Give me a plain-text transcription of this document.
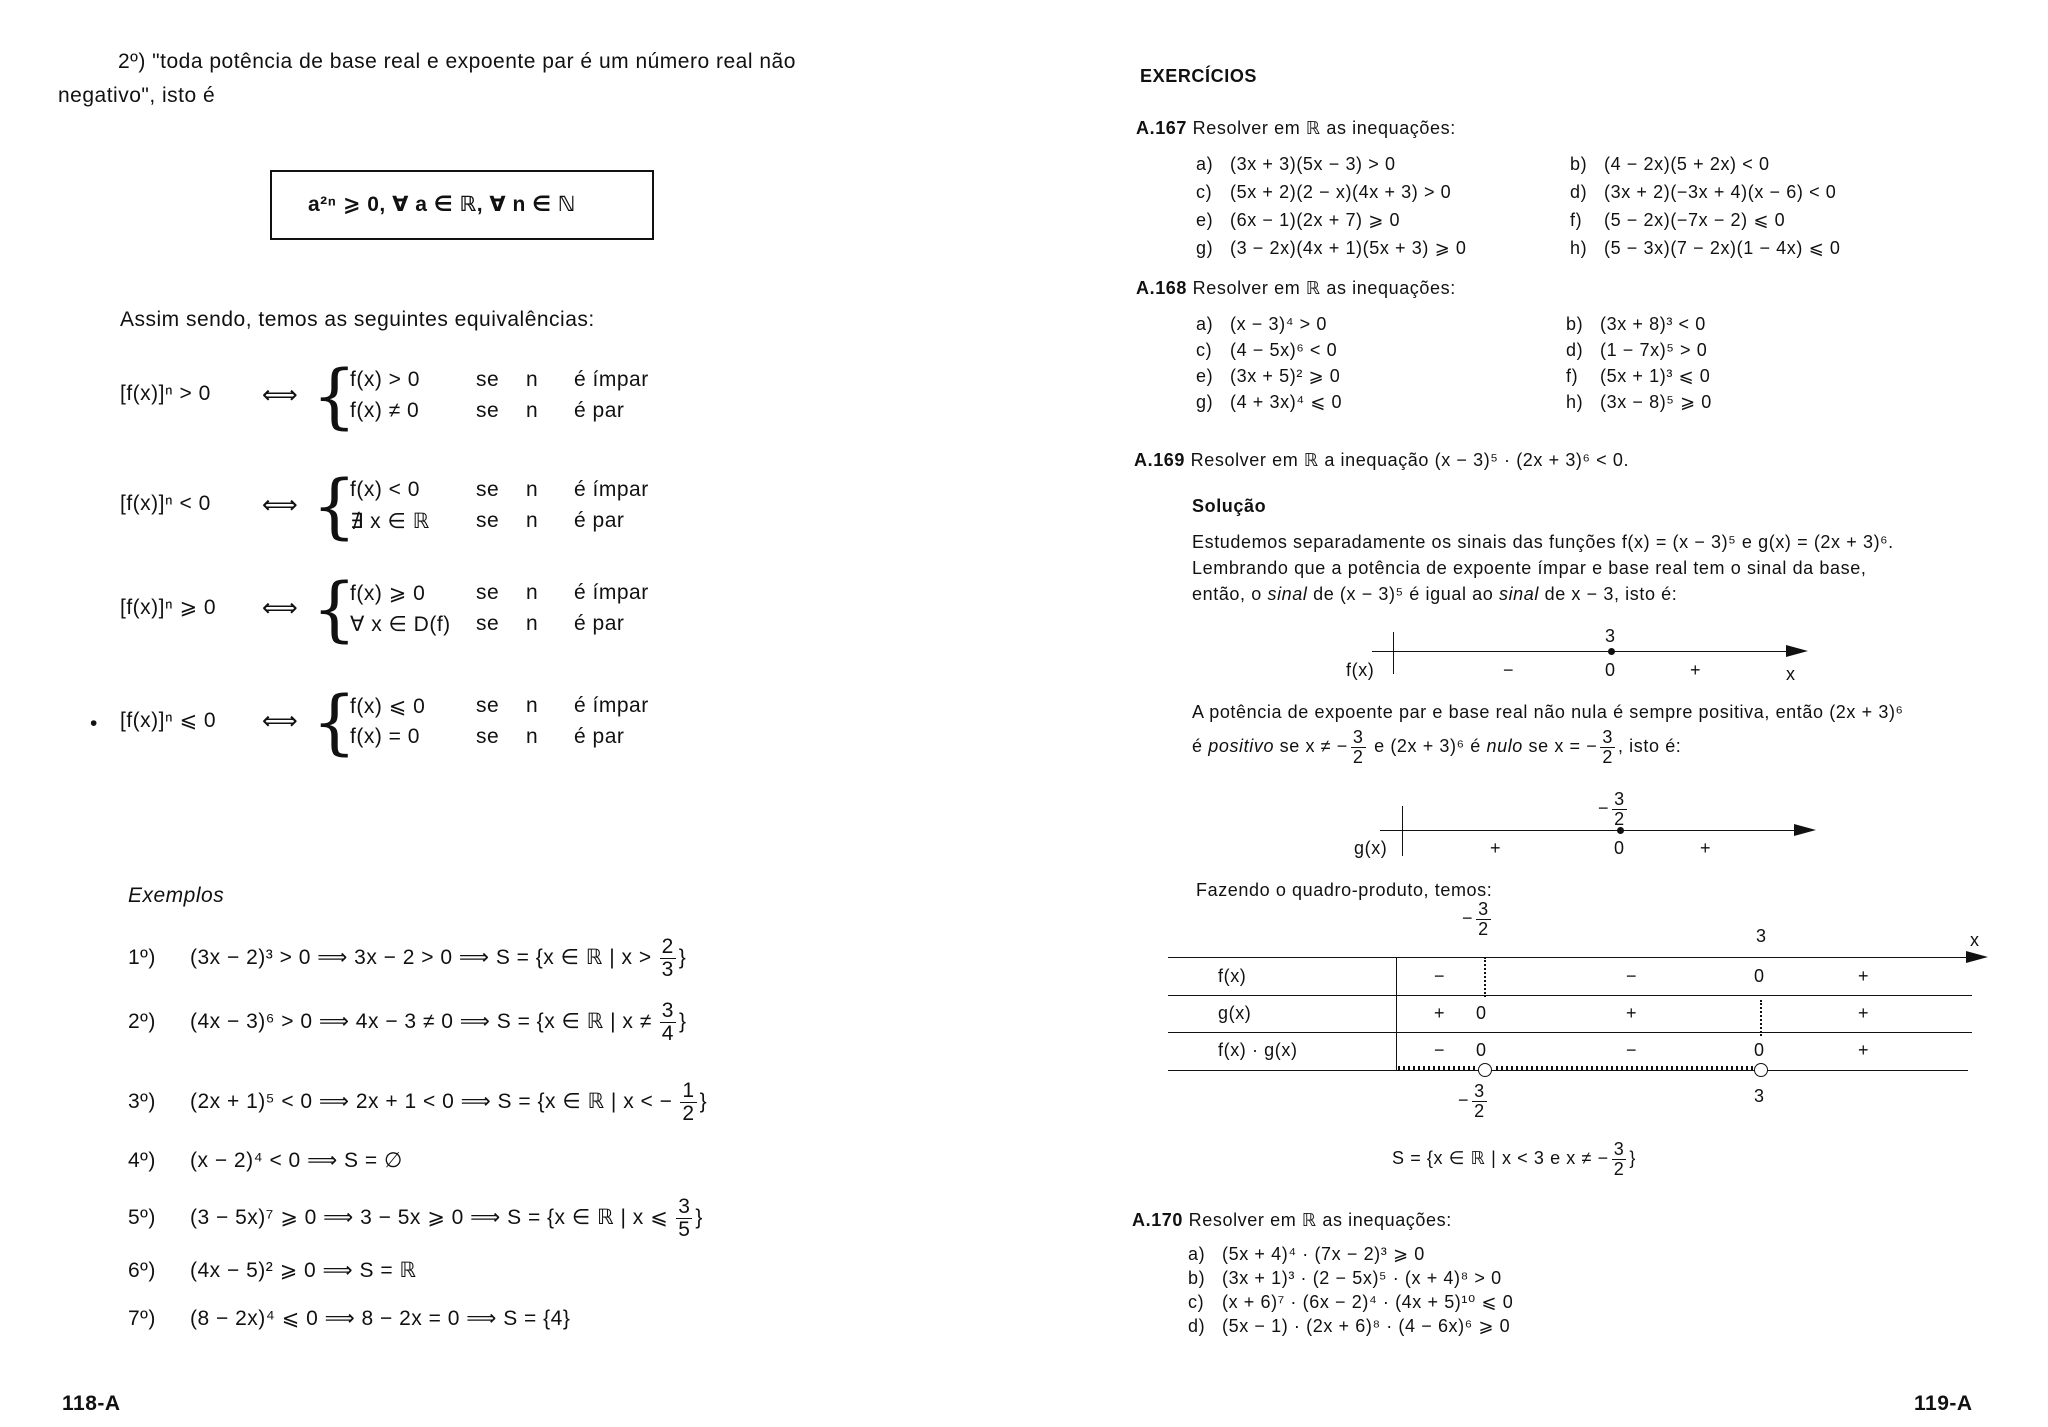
2º) "toda potência de base real e expoente par é um número real não
negativo", isto é
a²ⁿ ⩾ 0, ∀ a ∈ ℝ, ∀ n ∈ ℕ
Assim sendo, temos as seguintes equivalências:
[f(x)]ⁿ > 0 ⟺ {
f(x) > 0	se n é ímpar
f(x) ≠ 0	se n é par
[f(x)]ⁿ < 0 ⟺ {
f(x) < 0	se n é ímpar
∄ x ∈ ℝ se n é par
[f(x)]ⁿ ⩾ 0 ⟺ {
f(x) ⩾ 0 se n é ímpar
∀ x ∈ D(f) se n é par
[f(x)]ⁿ ⩽ 0 ⟺ {
f(x) ⩽ 0 se n é ímpar
f(x) = 0	se n é par
•
Exemplos
1º) (3x − 2)³ > 0 ⟹ 3x − 2 > 0 ⟹ S = {x ∈ ℝ | $x > \frac{2}{3}$ }
2º) (4x − 3)⁶ > 0 ⟹ 4x − 3 ≠ 0 ⟹ S = {x ∈ ℝ | $x \ne \frac{3}{4}$ }
3º) (2x + 1)⁵ < 0 ⟹ 2x + 1 < 0 ⟹ S = {x ∈ ℝ | x < − $\frac{1}{2}$ }
4º) (x − 2)⁴ < 0 ⟹ S = ∅
5º) (3 − 5x)⁷ ⩾ 0 ⟹ 3 − 5x ⩾ 0 ⟹ S = {x ∈ ℝ | x ⩽ $\frac{3}{5}$ }
6º) (4x − 5)² ⩾ 0 ⟹ S = ℝ
7º) (8 − 2x)⁴ ⩽ 0 ⟹ 8 − 2x = 0 ⟹ S = {4}
118-A
EXERCÍCIOS
A.167 Resolver em ℝ as inequações:
a) (3x + 3)(5x − 3) > 0	b) (4 − 2x)(5 + 2x) < 0
c) (5x + 2)(2 − x)(4x + 3) > 0	d) (3x + 2)(−3x + 4)(x − 6) < 0
e) (6x − 1)(2x + 7) ⩾ 0	f) (5 − 2x)(−7x − 2) ⩽ 0
g) (3 − 2x)(4x + 1)(5x + 3) ⩾ 0	h) (5 − 3x)(7 − 2x)(1 − 4x) ⩽ 0
A.168 Resolver em ℝ as inequações:
a) (x − 3)⁴ > 0	b) (3x + 8)³ < 0
c) (4 − 5x)⁶ < 0	d) (1 − 7x)⁵ > 0
e) (3x + 5)² ⩾ 0	f) (5x + 1)³ ⩽ 0
g) (4 + 3x)⁴ ⩽ 0	h) (3x − 8)⁵ ⩾ 0
A.169 Resolver em ℝ a inequação (x − 3)⁵ · (2x + 3)⁶ < 0.
Solução
Estudemos separadamente os sinais das funções f(x) = (x − 3)⁵ e g(x) = (2x + 3)⁶.
Lembrando que a potência de expoente ímpar e base real tem o sinal da base,
então, o sinal de (x − 3)⁵ é igual ao sinal de x − 3, isto é:
f(x)
3
0
−	+	x
A potência de expoente par e base real não nula é sempre positiva, então (2x + 3)⁶
é positivo se x ≠ − $\frac{3}{2}$ e (2x + 3)⁶ é nulo se x = − $\frac{3}{2}$ , isto é:
g(x)
− $\frac{3}{2}$
0
+	+
Fazendo o quadro-produto, temos:
− $\frac{3}{2}$	3	x
f(x)	−	−	0	+
g(x)	+ 0	+	+
f(x) · g(x)	− 0	−	0	+
− $\frac{3}{2}$	3
S = {x ∈ ℝ | x < 3 e x ≠ − $\frac{3}{2}$ }
A.170 Resolver em ℝ as inequações:
a) (5x + 4)⁴ · (7x − 2)³ ⩾ 0
b) (3x + 1)³ · (2 − 5x)⁵ · (x + 4)⁸ > 0
c) (x + 6)⁷ · (6x − 2)⁴ · (4x + 5)¹⁰ ⩽ 0
d) (5x − 1) · (2x + 6)⁸ · (4 − 6x)⁶ ⩾ 0
119-A
